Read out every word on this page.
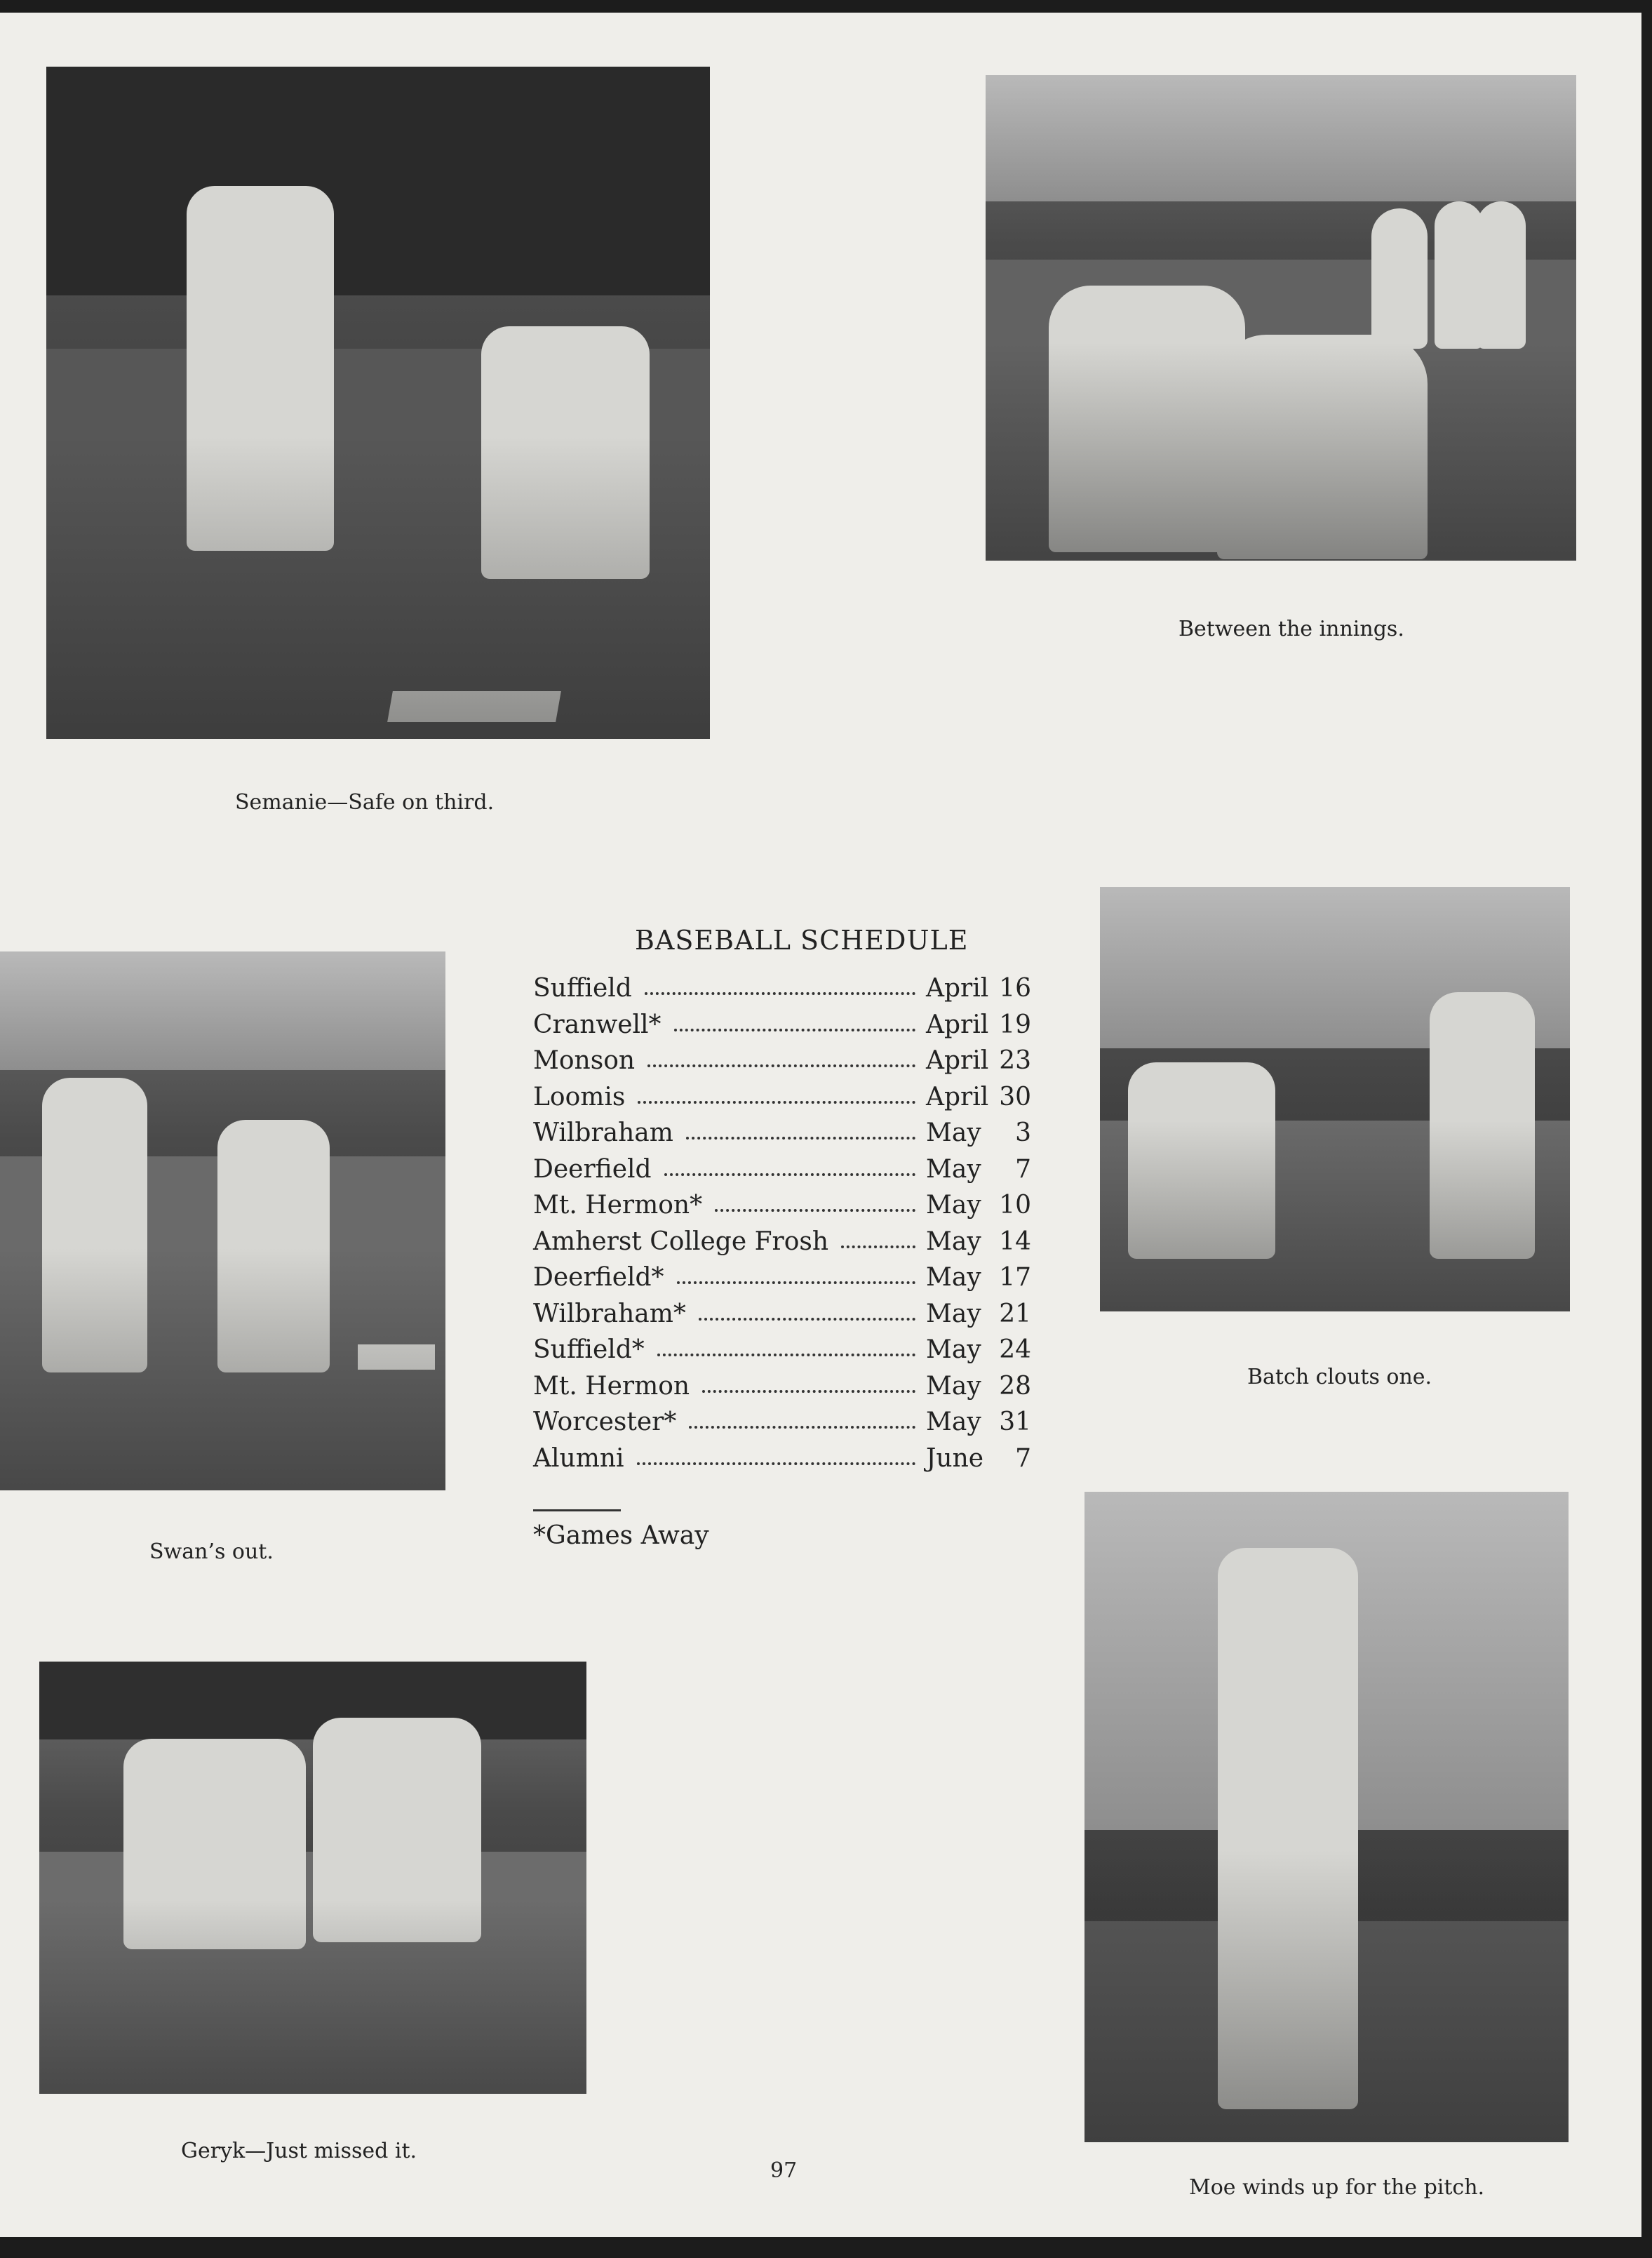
Semanie—Safe on third.
Between the innings.
Swan’s out.
BASEBALL SCHEDULE
Suffield	April 16
Cranwell*	April 19
Monson	April 23
Loomis	April 30
Wilbraham	May 3
Deerfield	May 7
Mt. Hermon*	May 10
Amherst College Frosh	May 14
Deerfield*	May 17
Wilbraham*	May 21
Suffield*	May 24
Mt. Hermon	May 28
Worcester*	May 31
Alumni	June 7
*Games Away
Batch clouts one.
Geryk—Just missed it.
Moe winds up for the pitch.
97
